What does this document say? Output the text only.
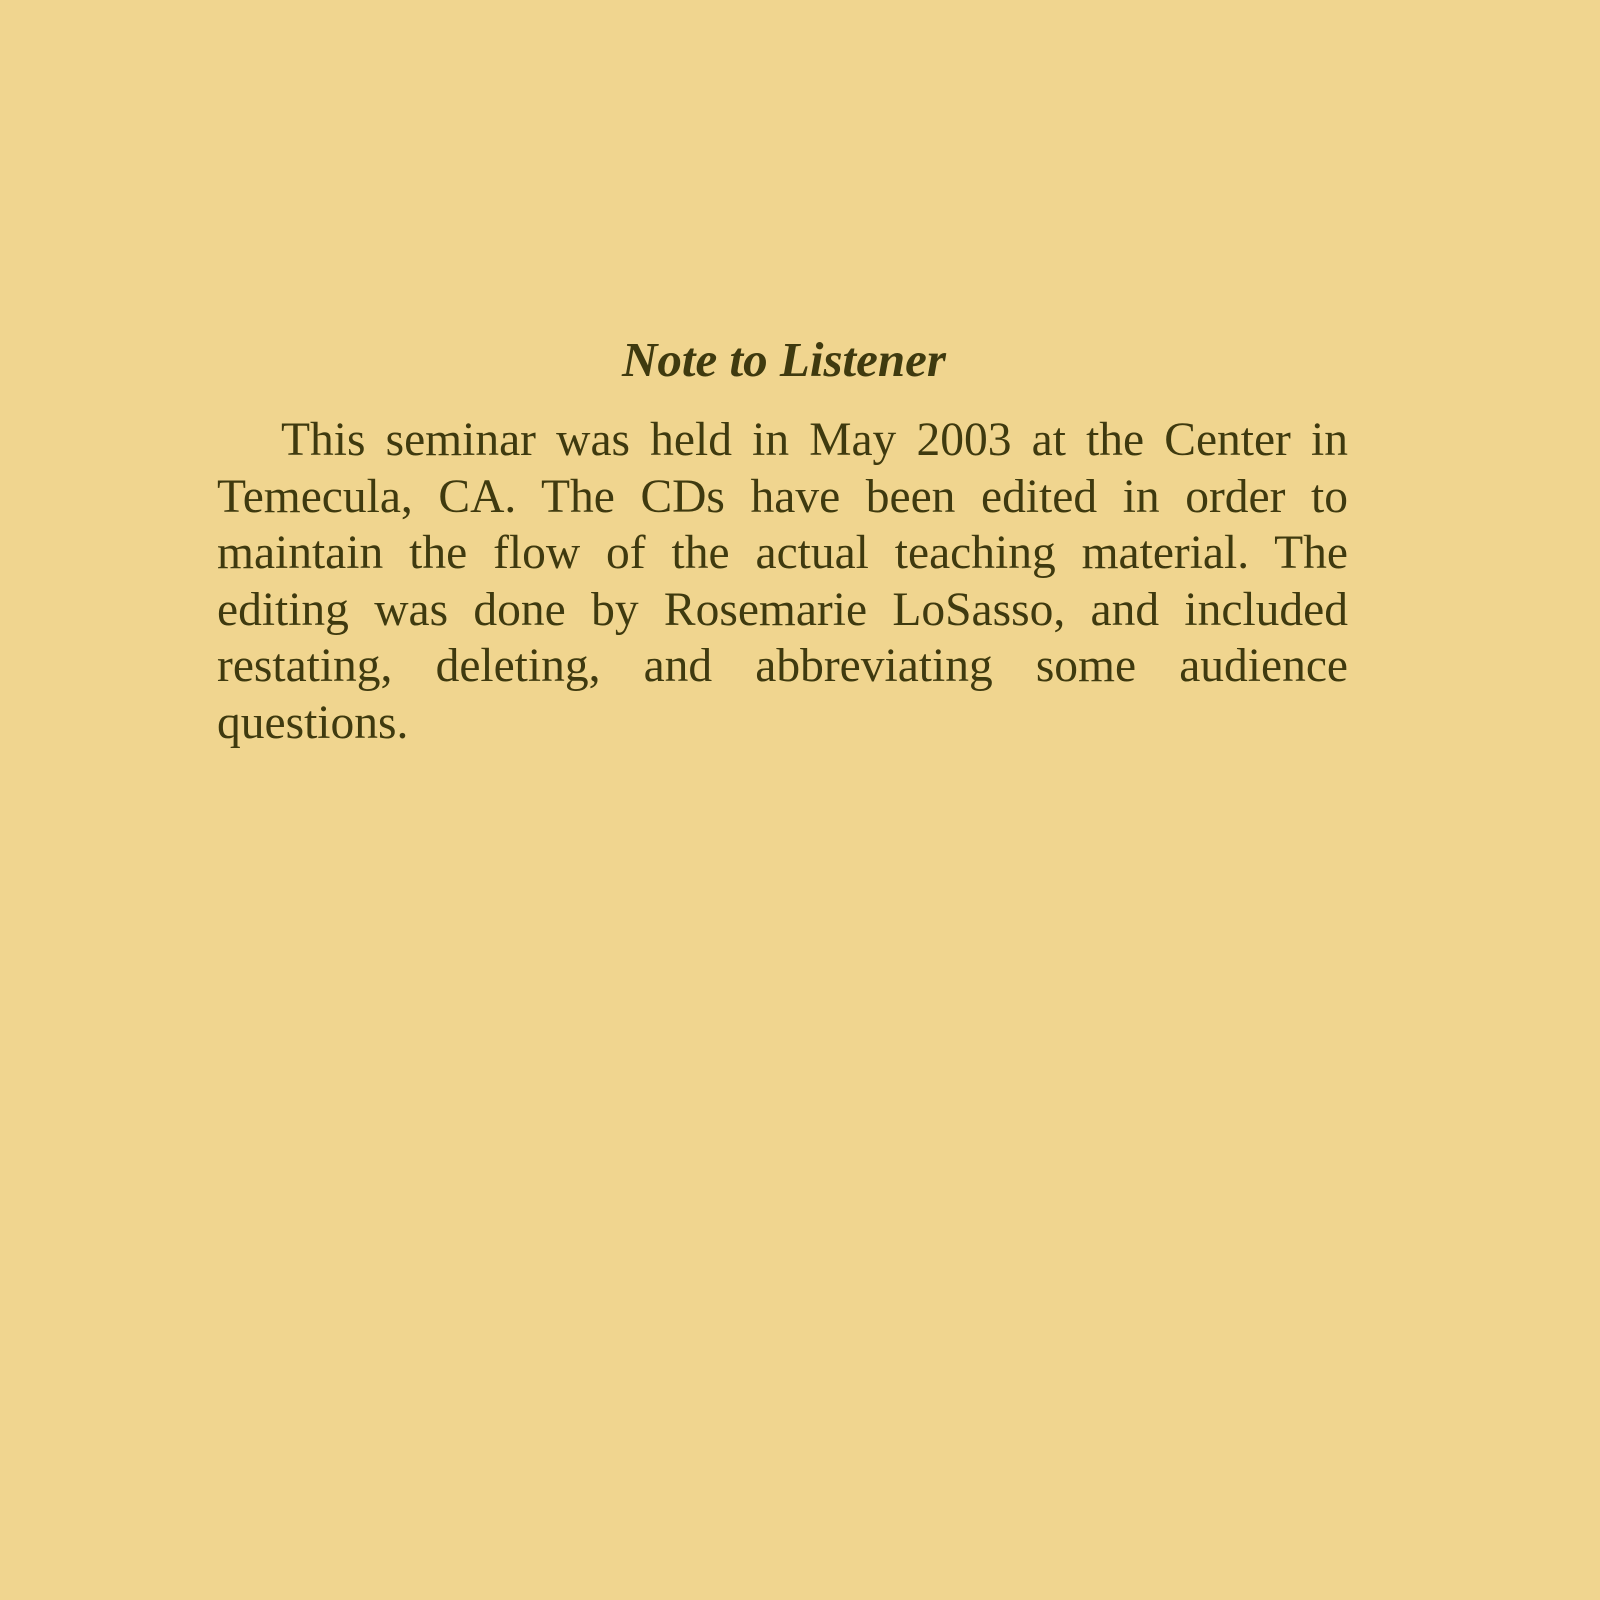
Note to Listener

This seminar was held in May 2003 at the Center in Temecula, CA. The CDs have been edited in order to maintain the flow of the actual teaching material. The editing was done by Rosemarie LoSasso, and included restating, deleting, and abbreviating some audience questions.
